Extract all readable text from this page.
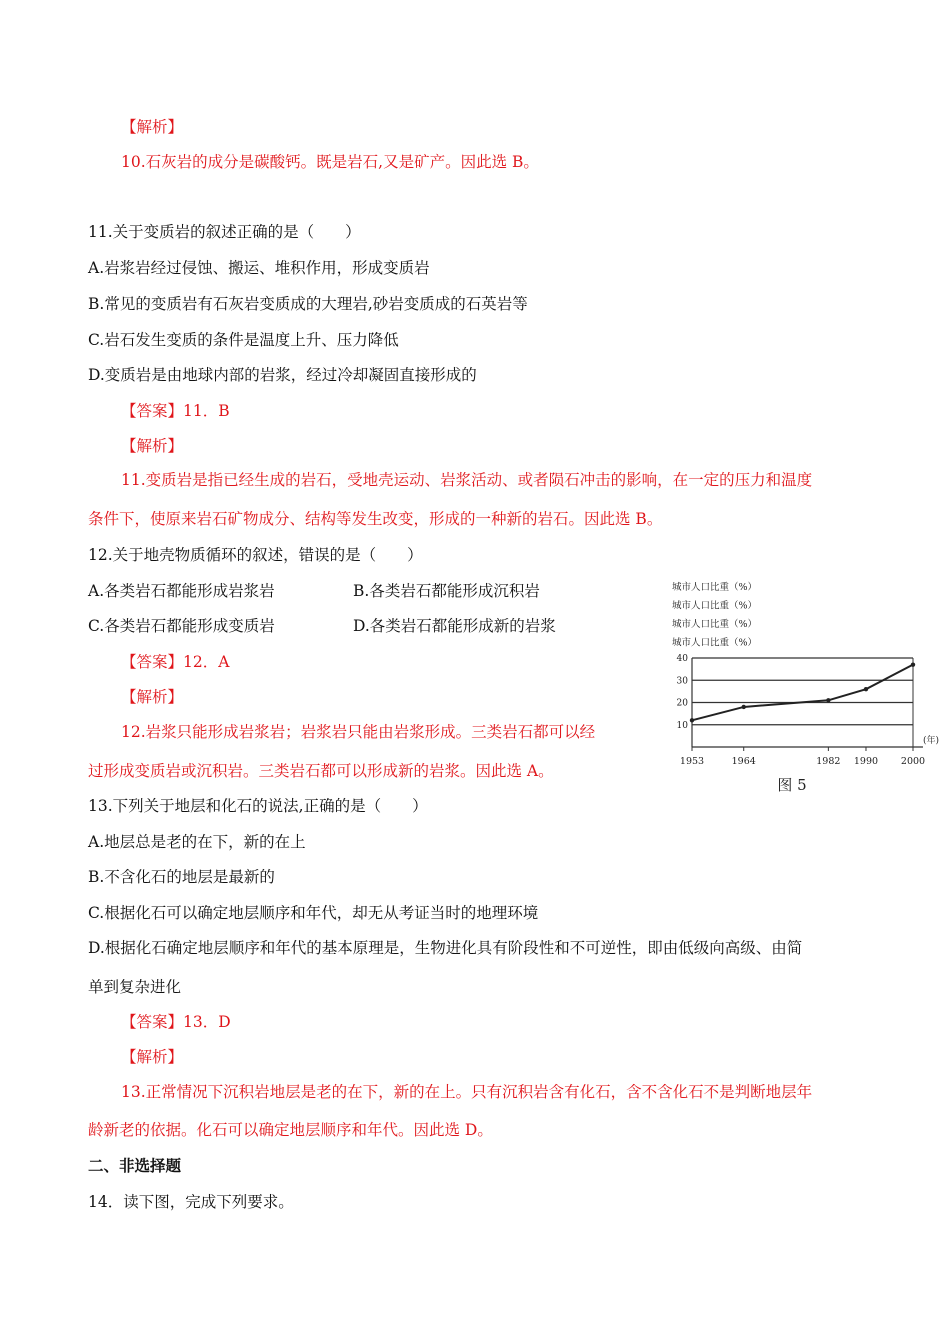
【解析】
10.石灰岩的成分是碳酸钙。既是岩石,又是矿产。因此选 B。
11.关于变质岩的叙述正确的是（　　）
A.岩浆岩经过侵蚀、搬运、堆积作用，形成变质岩
B.常见的变质岩有石灰岩变质成的大理岩,砂岩变质成的石英岩等
C.岩石发生变质的条件是温度上升、压力降低
D.变质岩是由地球内部的岩浆，经过冷却凝固直接形成的
【答案】11．B
【解析】
11.变质岩是指已经生成的岩石，受地壳运动、岩浆活动、或者陨石冲击的影响，在一定的压力和温度
条件下，使原来岩石矿物成分、结构等发生改变，形成的一种新的岩石。因此选 B。
12.关于地壳物质循环的叙述，错误的是（　　）
A.各类岩石都能形成岩浆岩	B.各类岩石都能形成沉积岩
C.各类岩石都能形成变质岩	D.各类岩石都能形成新的岩浆
【答案】12．A
【解析】
12.岩浆只能形成岩浆岩；岩浆岩只能由岩浆形成。三类岩石都可以经
过形成变质岩或沉积岩。三类岩石都可以形成新的岩浆。因此选 A。
13.下列关于地层和化石的说法,正确的是（　　）
A.地层总是老的在下，新的在上
B.不含化石的地层是最新的
C.根据化石可以确定地层顺序和年代，却无从考证当时的地理环境
D.根据化石确定地层顺序和年代的基本原理是，生物进化具有阶段性和不可逆性，即由低级向高级、由简
单到复杂进化
【答案】13．D
【解析】
13.正常情况下沉积岩地层是老的在下，新的在上。只有沉积岩含有化石，含不含化石不是判断地层年
龄新老的依据。化石可以确定地层顺序和年代。因此选 D。
二、非选择题
14．读下图，完成下列要求。
城市人口比重（%）
城市人口比重（%）
城市人口比重（%）
城市人口比重（%）
10
20
30
40
1953	1964	1982 1990 2000
(年)
图 5
